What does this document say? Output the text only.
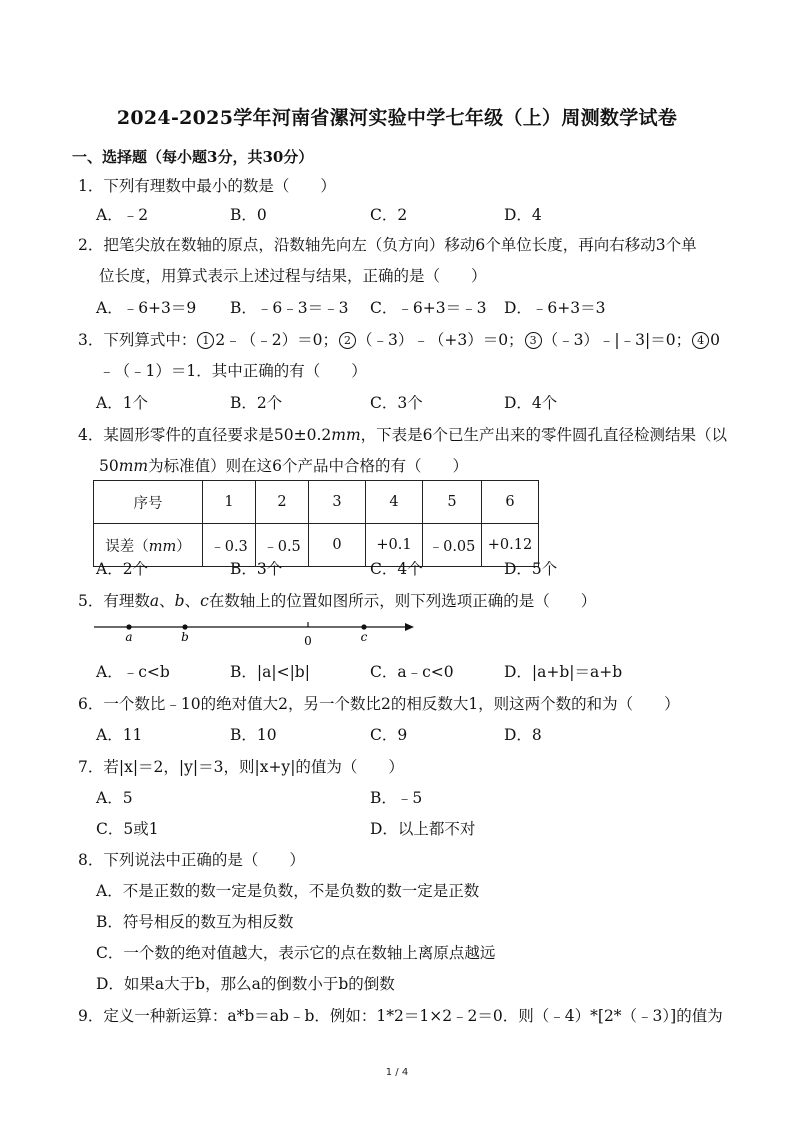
2024-2025学年河南省漯河实验中学七年级（上）周测数学试卷
一、选择题（每小题3分，共30分）
1．下列有理数中最小的数是（　　）
A．﹣2	B．0	C．2	D．4
2．把笔尖放在数轴的原点，沿数轴先向左（负方向）移动6个单位长度，再向右移动3个单
位长度，用算式表示上述过程与结果，正确的是（　　）
A．﹣6+3＝9 B．﹣6﹣3＝﹣3 C．﹣6+3＝﹣3 D．﹣6+3＝3
3．下列算式中： 1 2﹣（﹣2）＝0； 2 （﹣3）﹣（+3）＝0； 3 （﹣3）﹣|﹣3|＝0； 4 0
﹣（﹣1）＝1．其中正确的有（　　）
A．1个	B．2个	C．3个	D．4个
4．某圆形零件的直径要求是50±0.2mm，下表是6个已生产出来的零件圆孔直径检测结果（以
50mm为标准值）则在这6个产品中合格的有（　　）
序号	1	2	3	4	5	6
误差（mm）	﹣0.3	﹣0.5	0	+0.1	﹣0.05	+0.12
A．2个	B．3个	C．4个	D．5个
5．有理数a、b、c在数轴上的位置如图所示，则下列选项正确的是（　　）
a	b	0	c
A．﹣c<b	B．|a|<|b|	C．a﹣c<0	D．|a+b|＝a+b
6．一个数比﹣10的绝对值大2，另一个数比2的相反数大1，则这两个数的和为（　　）
A．11	B．10	C．9	D．8
7．若|x|＝2，|y|＝3，则|x+y|的值为（　　）
A．5	B．﹣5
C．5或1	D．以上都不对
8．下列说法中正确的是（　　）
A．不是正数的数一定是负数，不是负数的数一定是正数
B．符号相反的数互为相反数
C．一个数的绝对值越大，表示它的点在数轴上离原点越远
D．如果a大于b，那么a的倒数小于b的倒数
9．定义一种新运算：a*b＝ab﹣b．例如：1*2＝1×2﹣2＝0．则（﹣4）*[2*（﹣3）]的值为
1 / 4
